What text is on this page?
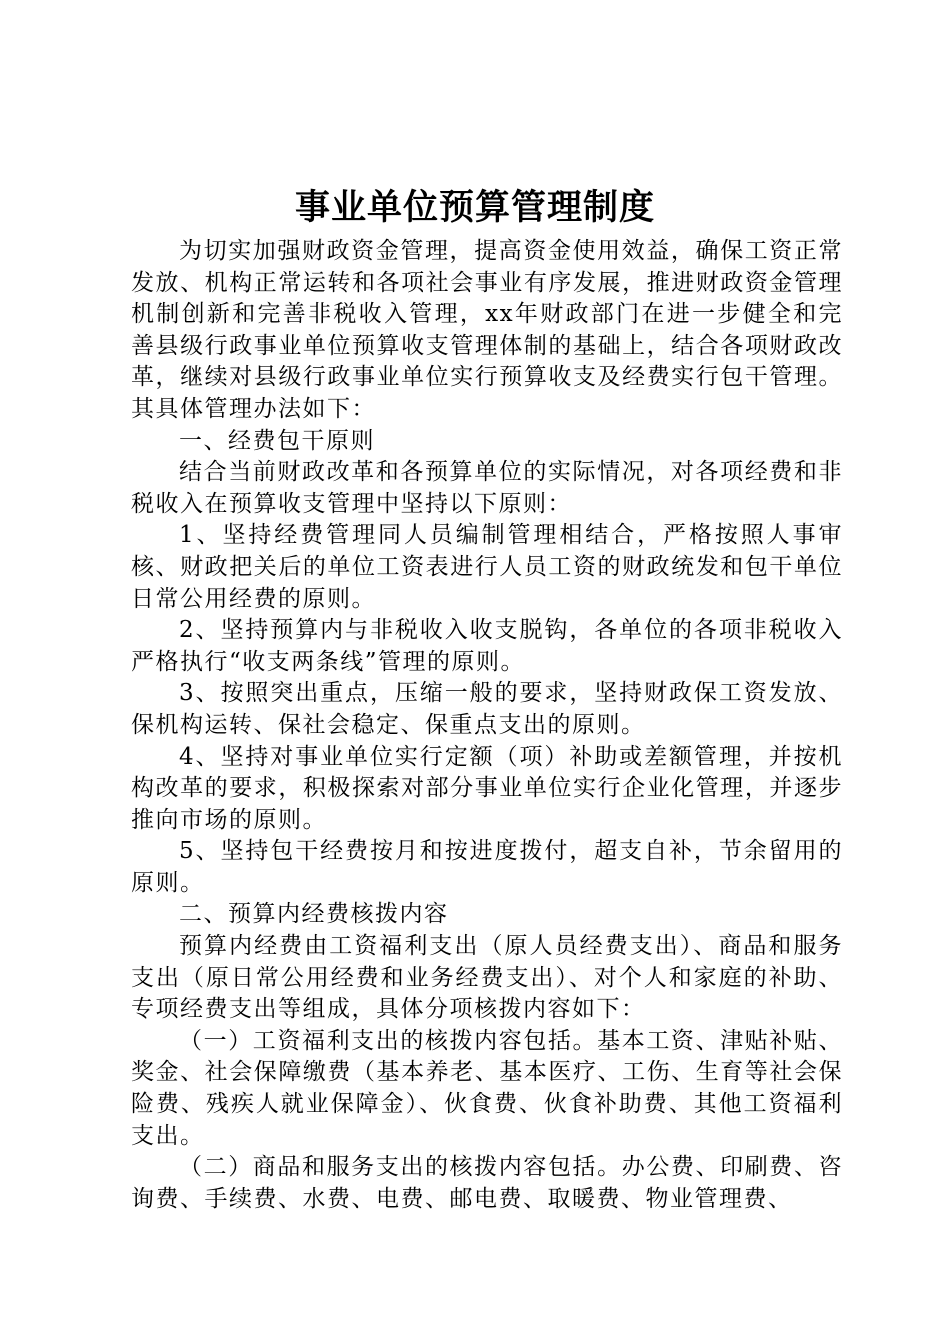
事业单位预算管理制度

为切实加强财政资金管理，提高资金使用效益，确保工资正常发放、机构正常运转和各项社会事业有序发展，推进财政资金管理机制创新和完善非税收入管理，xx年财政部门在进一步健全和完善县级行政事业单位预算收支管理体制的基础上，结合各项财政改革，继续对县级行政事业单位实行预算收支及经费实行包干管理。其具体管理办法如下：

一、经费包干原则

结合当前财政改革和各预算单位的实际情况，对各项经费和非税收入在预算收支管理中坚持以下原则：

1、坚持经费管理同人员编制管理相结合，严格按照人事审核、财政把关后的单位工资表进行人员工资的财政统发和包干单位日常公用经费的原则。

2、坚持预算内与非税收入收支脱钩，各单位的各项非税收入严格执行“收支两条线”管理的原则。

3、按照突出重点，压缩一般的要求，坚持财政保工资发放、保机构运转、保社会稳定、保重点支出的原则。

4、坚持对事业单位实行定额（项）补助或差额管理，并按机构改革的要求，积极探索对部分事业单位实行企业化管理，并逐步推向市场的原则。

5、坚持包干经费按月和按进度拨付，超支自补，节余留用的原则。

二、预算内经费核拨内容

预算内经费由工资福利支出（原人员经费支出）、商品和服务支出（原日常公用经费和业务经费支出）、对个人和家庭的补助、专项经费支出等组成，具体分项核拨内容如下：

（一）工资福利支出的核拨内容包括。基本工资、津贴补贴、奖金、社会保障缴费（基本养老、基本医疗、工伤、生育等社会保险费、残疾人就业保障金）、伙食费、伙食补助费、其他工资福利支出。

（二）商品和服务支出的核拨内容包括。办公费、印刷费、咨询费、手续费、水费、电费、邮电费、取暖费、物业管理费、
